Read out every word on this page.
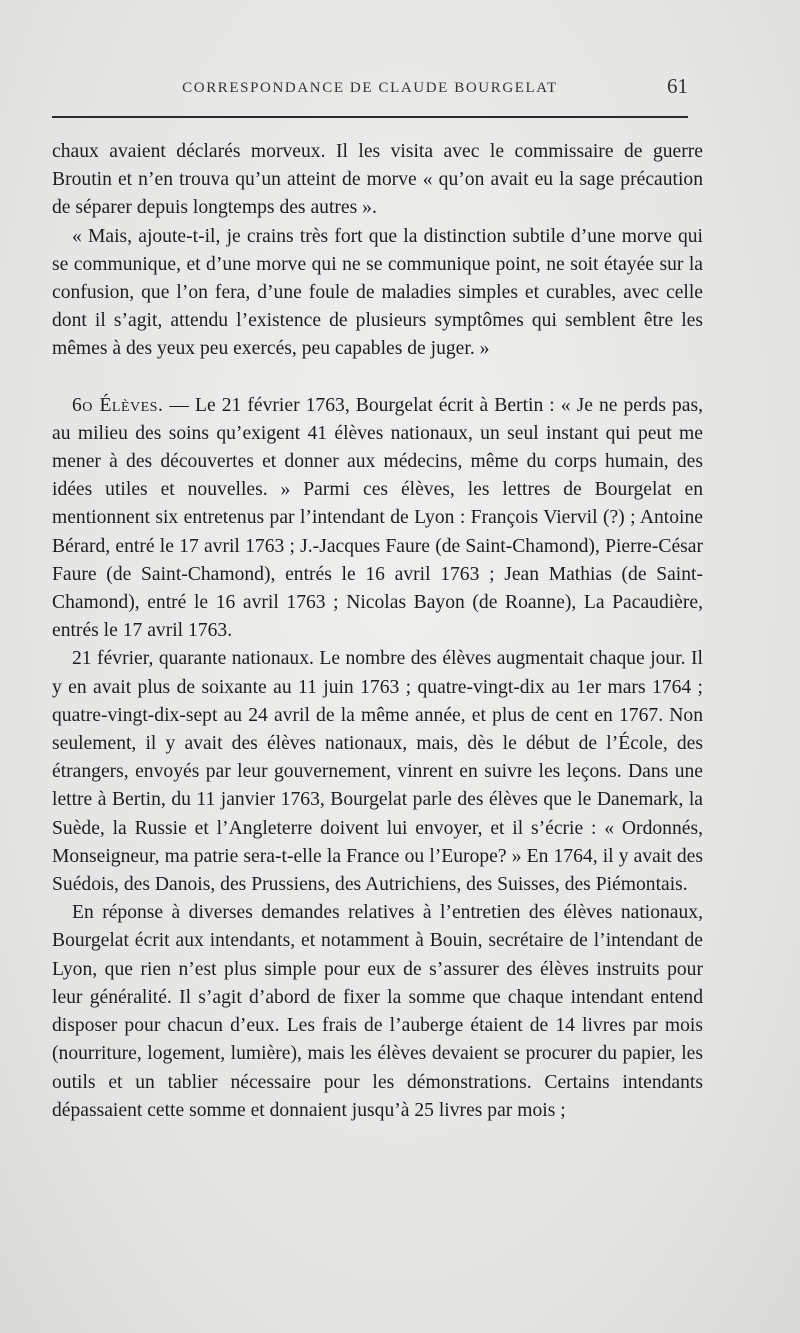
CORRESPONDANCE DE CLAUDE BOURGELAT	61

chaux avaient déclarés morveux. Il les visita avec le commissaire de guerre Broutin et n’en trouva qu’un atteint de morve « qu’on avait eu la sage précaution de séparer depuis longtemps des autres ».

« Mais, ajoute-t-il, je crains très fort que la distinction subtile d’une morve qui se communique, et d’une morve qui ne se communique point, ne soit étayée sur la confusion, que l’on fera, d’une foule de maladies simples et curables, avec celle dont il s’agit, attendu l’existence de plusieurs symptômes qui semblent être les mêmes à des yeux peu exercés, peu capables de juger. »

6o Élèves. — Le 21 février 1763, Bourgelat écrit à Bertin : « Je ne perds pas, au milieu des soins qu’exigent 41 élèves nationaux, un seul instant qui peut me mener à des découvertes et donner aux médecins, même du corps humain, des idées utiles et nouvelles. » Parmi ces élèves, les lettres de Bourgelat en mentionnent six entretenus par l’intendant de Lyon : François Viervil (?) ; Antoine Bérard, entré le 17 avril 1763 ; J.-Jacques Faure (de Saint-Chamond), Pierre-César Faure (de Saint-Chamond), entrés le 16 avril 1763 ; Jean Mathias (de Saint-Chamond), entré le 16 avril 1763 ; Nicolas Bayon (de Roanne), La Pacaudière, entrés le 17 avril 1763.

21 février, quarante nationaux. Le nombre des élèves augmentait chaque jour. Il y en avait plus de soixante au 11 juin 1763 ; quatre-vingt-dix au 1er mars 1764 ; quatre-vingt-dix-sept au 24 avril de la même année, et plus de cent en 1767. Non seulement, il y avait des élèves nationaux, mais, dès le début de l’École, des étrangers, envoyés par leur gouvernement, vinrent en suivre les leçons. Dans une lettre à Bertin, du 11 janvier 1763, Bourgelat parle des élèves que le Danemark, la Suède, la Russie et l’Angleterre doivent lui envoyer, et il s’écrie : « Ordonnés, Monseigneur, ma patrie sera-t-elle la France ou l’Europe? » En 1764, il y avait des Suédois, des Danois, des Prussiens, des Autrichiens, des Suisses, des Piémontais.

En réponse à diverses demandes relatives à l’entretien des élèves nationaux, Bourgelat écrit aux intendants, et notamment à Bouin, secrétaire de l’intendant de Lyon, que rien n’est plus simple pour eux de s’assurer des élèves instruits pour leur généralité. Il s’agit d’abord de fixer la somme que chaque intendant entend disposer pour chacun d’eux. Les frais de l’auberge étaient de 14 livres par mois (nourriture, logement, lumière), mais les élèves devaient se procurer du papier, les outils et un tablier nécessaire pour les démonstrations. Certains intendants dépassaient cette somme et donnaient jusqu’à 25 livres par mois ;
